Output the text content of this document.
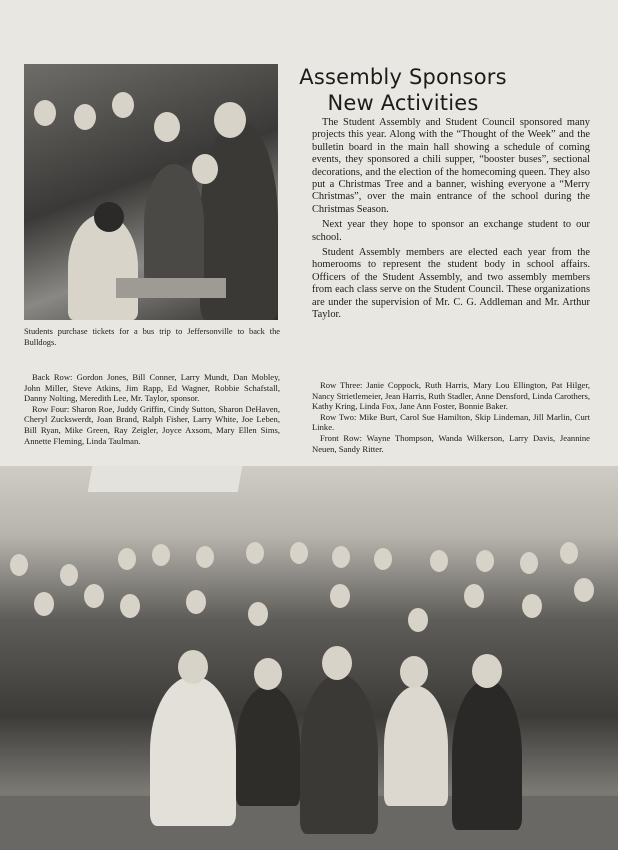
Students purchase tickets for a bus trip to Jeffersonville to back the Bulldogs.
Assembly Sponsors
New Activities

The Student Assembly and Student Council sponsored many projects this year. Along with the “Thought of the Week” and the bulletin board in the main hall showing a schedule of coming events, they sponsored a chili supper, “booster buses”, sectional decorations, and the election of the homecoming queen. They also put a Christmas Tree and a banner, wishing everyone a “Merry Christmas”, over the main entrance of the school during the Christmas Season.

Next year they hope to sponsor an exchange student to our school.

Student Assembly members are elected each year from the homerooms to represent the student body in school affairs. Officers of the Student Assembly, and two assembly members from each class serve on the Student Council. These organizations are under the supervision of Mr. C. G. Addleman and Mr. Arthur Taylor.

Back Row: Gordon Jones, Bill Conner, Larry Mundt, Dan Mobley, John Miller, Steve Atkins, Jim Rapp, Ed Wagner, Robbie Schafstall, Danny Nolting, Meredith Lee, Mr. Taylor, sponsor.

Row Four: Sharon Roe, Juddy Griffin, Cindy Sutton, Sharon DeHaven, Cheryl Zuckswerdt, Joan Brand, Ralph Fisher, Larry White, Joe Leben, Bill Ryan, Mike Green, Ray Zeigler, Joyce Axsom, Mary Ellen Sims, Annette Fleming, Linda Taulman.

Row Three: Janie Coppock, Ruth Harris, Mary Lou Ellington, Pat Hilger, Nancy Strietlemeier, Jean Harris, Ruth Stadler, Anne Densford, Linda Carothers, Kathy Kring, Linda Fox, Jane Ann Foster, Bonnie Baker.

Row Two: Mike Burt, Carol Sue Hamilton, Skip Lindeman, Jill Marlin, Curt Linke.

Front Row: Wayne Thompson, Wanda Wilkerson, Larry Davis, Jeannine Neuen, Sandy Ritter.
